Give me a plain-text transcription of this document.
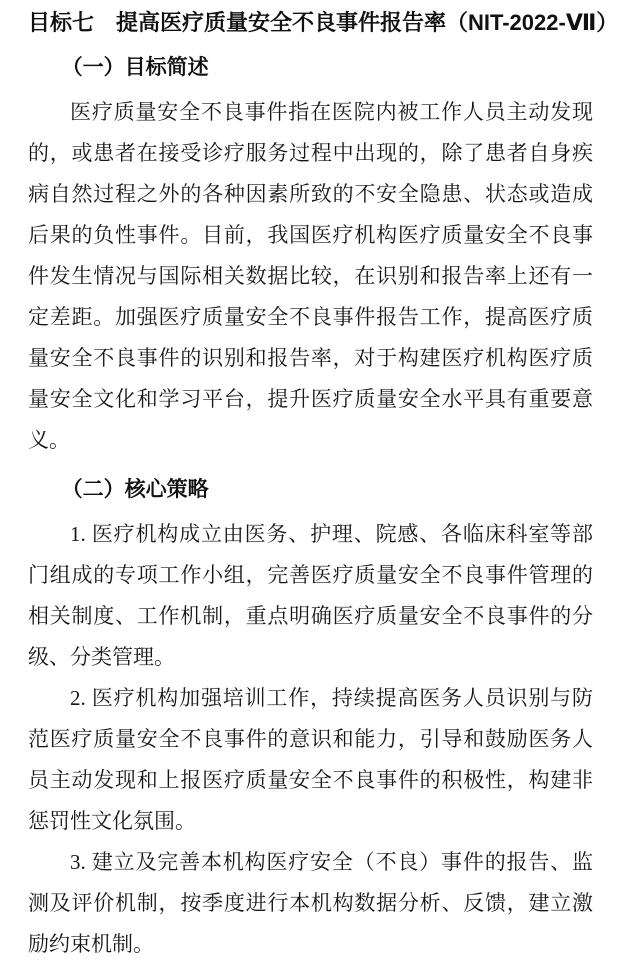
目标七　提高医疗质量安全不良事件报告率（NIT-2022-Ⅶ）
（一）目标简述

医疗质量安全不良事件指在医院内被工作人员主动发现的，或患者在接受诊疗服务过程中出现的，除了患者自身疾病自然过程之外的各种因素所致的不安全隐患、状态或造成后果的负性事件。目前，我国医疗机构医疗质量安全不良事件发生情况与国际相关数据比较，在识别和报告率上还有一定差距。加强医疗质量安全不良事件报告工作，提高医疗质量安全不良事件的识别和报告率，对于构建医疗机构医疗质量安全文化和学习平台，提升医疗质量安全水平具有重要意义。

（二）核心策略

1. 医疗机构成立由医务、护理、院感、各临床科室等部门组成的专项工作小组，完善医疗质量安全不良事件管理的相关制度、工作机制，重点明确医疗质量安全不良事件的分级、分类管理。

2. 医疗机构加强培训工作，持续提高医务人员识别与防范医疗质量安全不良事件的意识和能力，引导和鼓励医务人员主动发现和上报医疗质量安全不良事件的积极性，构建非惩罚性文化氛围。

3. 建立及完善本机构医疗安全（不良）事件的报告、监测及评价机制，按季度进行本机构数据分析、反馈，建立激励约束机制。
